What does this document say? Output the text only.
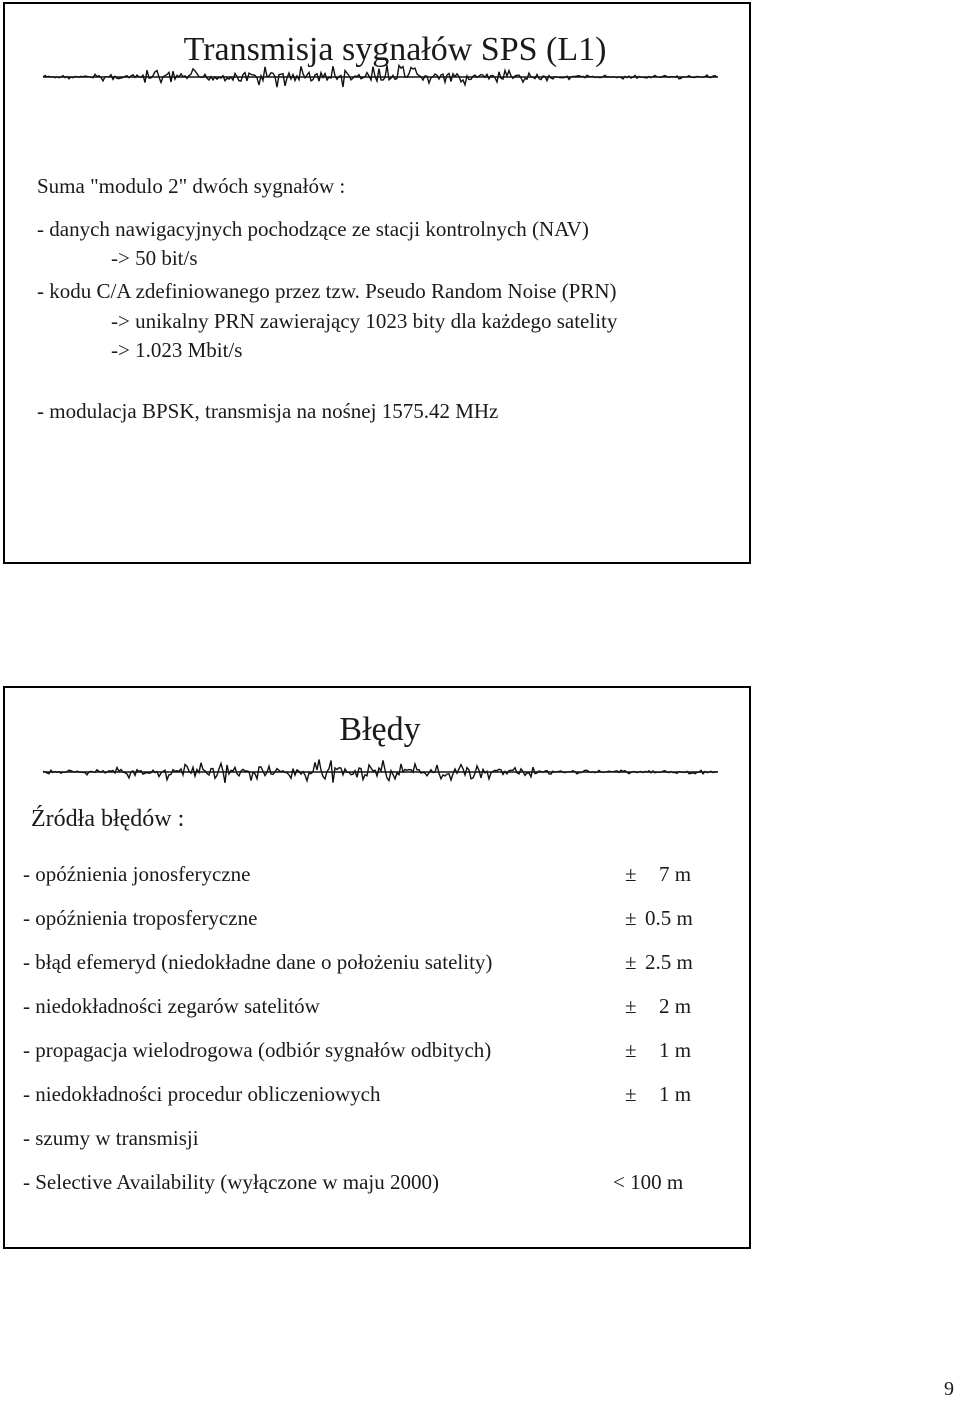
Transmisja sygnałów SPS (L1)
Suma "modulo 2" dwóch sygnałów :
- danych nawigacyjnych pochodzące ze stacji kontrolnych (NAV)
-> 50 bit/s
- kodu C/A zdefiniowanego przez tzw. Pseudo Random Noise (PRN)
-> unikalny PRN zawierający 1023 bity dla każdego satelity
-> 1.023 Mbit/s
- modulacja BPSK, transmisja na nośnej 1575.42 MHz
Błędy
Źródła błędów :
- opóźnienia jonosferyczne	± 7 m
- opóźnienia troposferyczne	± 0.5 m
- błąd efemeryd (niedokładne dane o położeniu satelity)	± 2.5 m
- niedokładności zegarów satelitów	± 2 m
- propagacja wielodrogowa (odbiór sygnałów odbitych)	± 1 m
- niedokładności procedur obliczeniowych	± 1 m
- szumy w transmisji
- Selective Availability (wyłączone w maju 2000)	< 100 m
9
